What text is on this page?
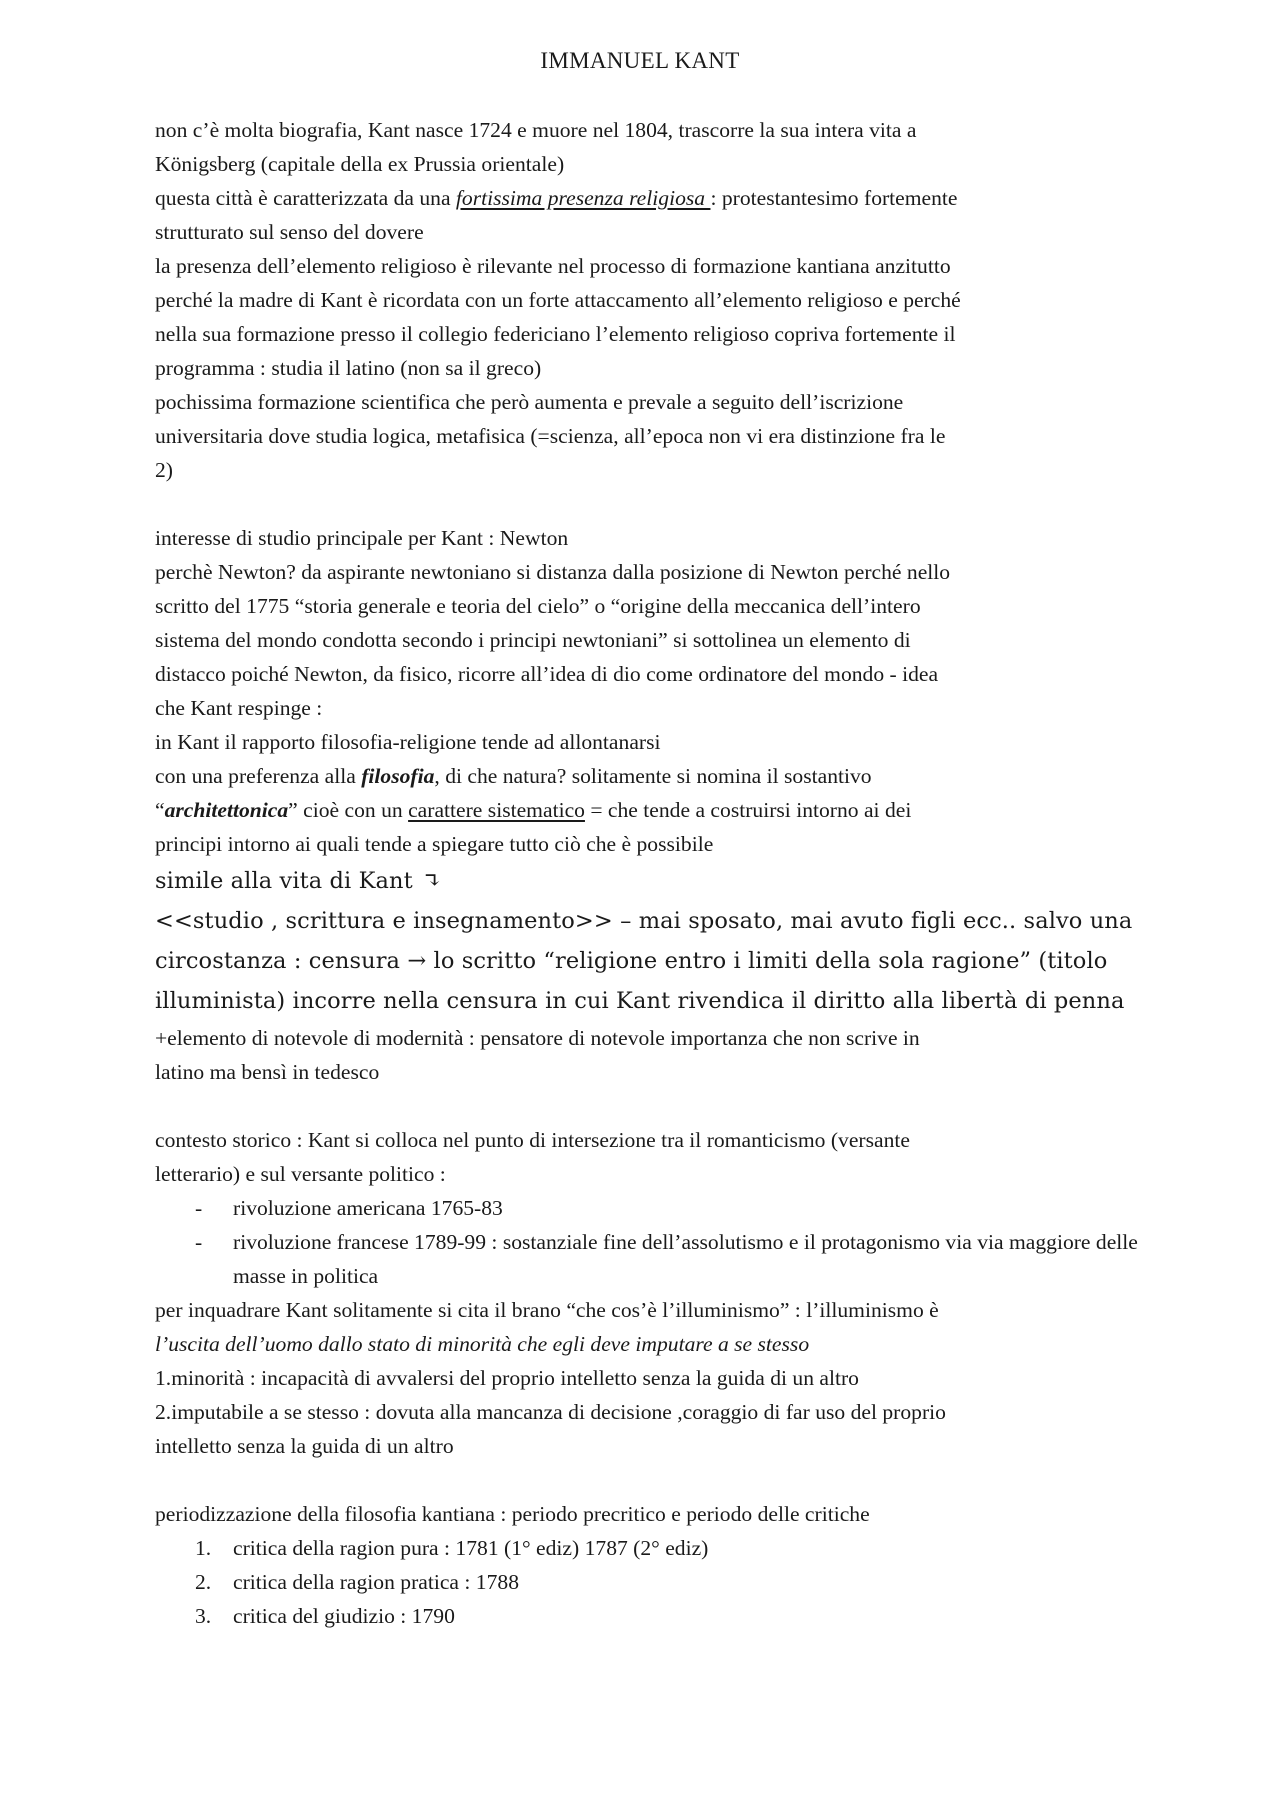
IMMANUEL KANT

non c’è molta biografia, Kant nasce 1724 e muore nel 1804, trascorre la sua intera vita a

Königsberg (capitale della ex Prussia orientale)

questa città è caratterizzata da una fortissima presenza religiosa : protestantesimo fortemente

strutturato sul senso del dovere

la presenza dell’elemento religioso è rilevante nel processo di formazione kantiana anzitutto

perché la madre di Kant è ricordata con un forte attaccamento all’elemento religioso e perché

nella sua formazione presso il collegio federiciano l’elemento religioso copriva fortemente il

programma : studia il latino (non sa il greco)

pochissima formazione scientifica che però aumenta e prevale a seguito dell’iscrizione

universitaria dove studia logica, metafisica (=scienza, all’epoca non vi era distinzione fra le

2)

interesse di studio principale per Kant : Newton

perchè Newton? da aspirante newtoniano si distanza dalla posizione di Newton perché nello

scritto del 1775 “storia generale e teoria del cielo” o “origine della meccanica dell’intero

sistema del mondo condotta secondo i principi newtoniani” si sottolinea un elemento di

distacco poiché Newton, da fisico, ricorre all’idea di dio come ordinatore del mondo - idea

che Kant respinge :

in Kant il rapporto filosofia-religione tende ad allontanarsi

con una preferenza alla filosofia, di che natura? solitamente si nomina il sostantivo

“architettonica” cioè con un carattere sistematico = che tende a costruirsi intorno ai dei

principi intorno ai quali tende a spiegare tutto ciò che è possibile

simile alla vita di Kant ↴

<<studio , scrittura e insegnamento>> – mai sposato, mai avuto figli ecc.. salvo una

circostanza : censura → lo scritto “religione entro i limiti della sola ragione” (titolo

illuminista) incorre nella censura in cui Kant rivendica il diritto alla libertà di penna

+elemento di notevole di modernità : pensatore di notevole importanza che non scrive in

latino ma bensì in tedesco

contesto storico : Kant si colloca nel punto di intersezione tra il romanticismo (versante

letterario) e sul versante politico :

- rivoluzione americana 1765-83
- rivoluzione francese 1789-99 : sostanziale fine dell’assolutismo e il protagonismo via via maggiore delle masse in politica

per inquadrare Kant solitamente si cita il brano “che cos’è l’illuminismo” : l’illuminismo è

l’uscita dell’uomo dallo stato di minorità che egli deve imputare a se stesso

1.minorità : incapacità di avvalersi del proprio intelletto senza la guida di un altro

2.imputabile a se stesso : dovuta alla mancanza di decisione ,coraggio di far uso del proprio

intelletto senza la guida di un altro

periodizzazione della filosofia kantiana : periodo precritico e periodo delle critiche

1. critica della ragion pura : 1781 (1° ediz) 1787 (2° ediz)
2. critica della ragion pratica : 1788
3. critica del giudizio : 1790
